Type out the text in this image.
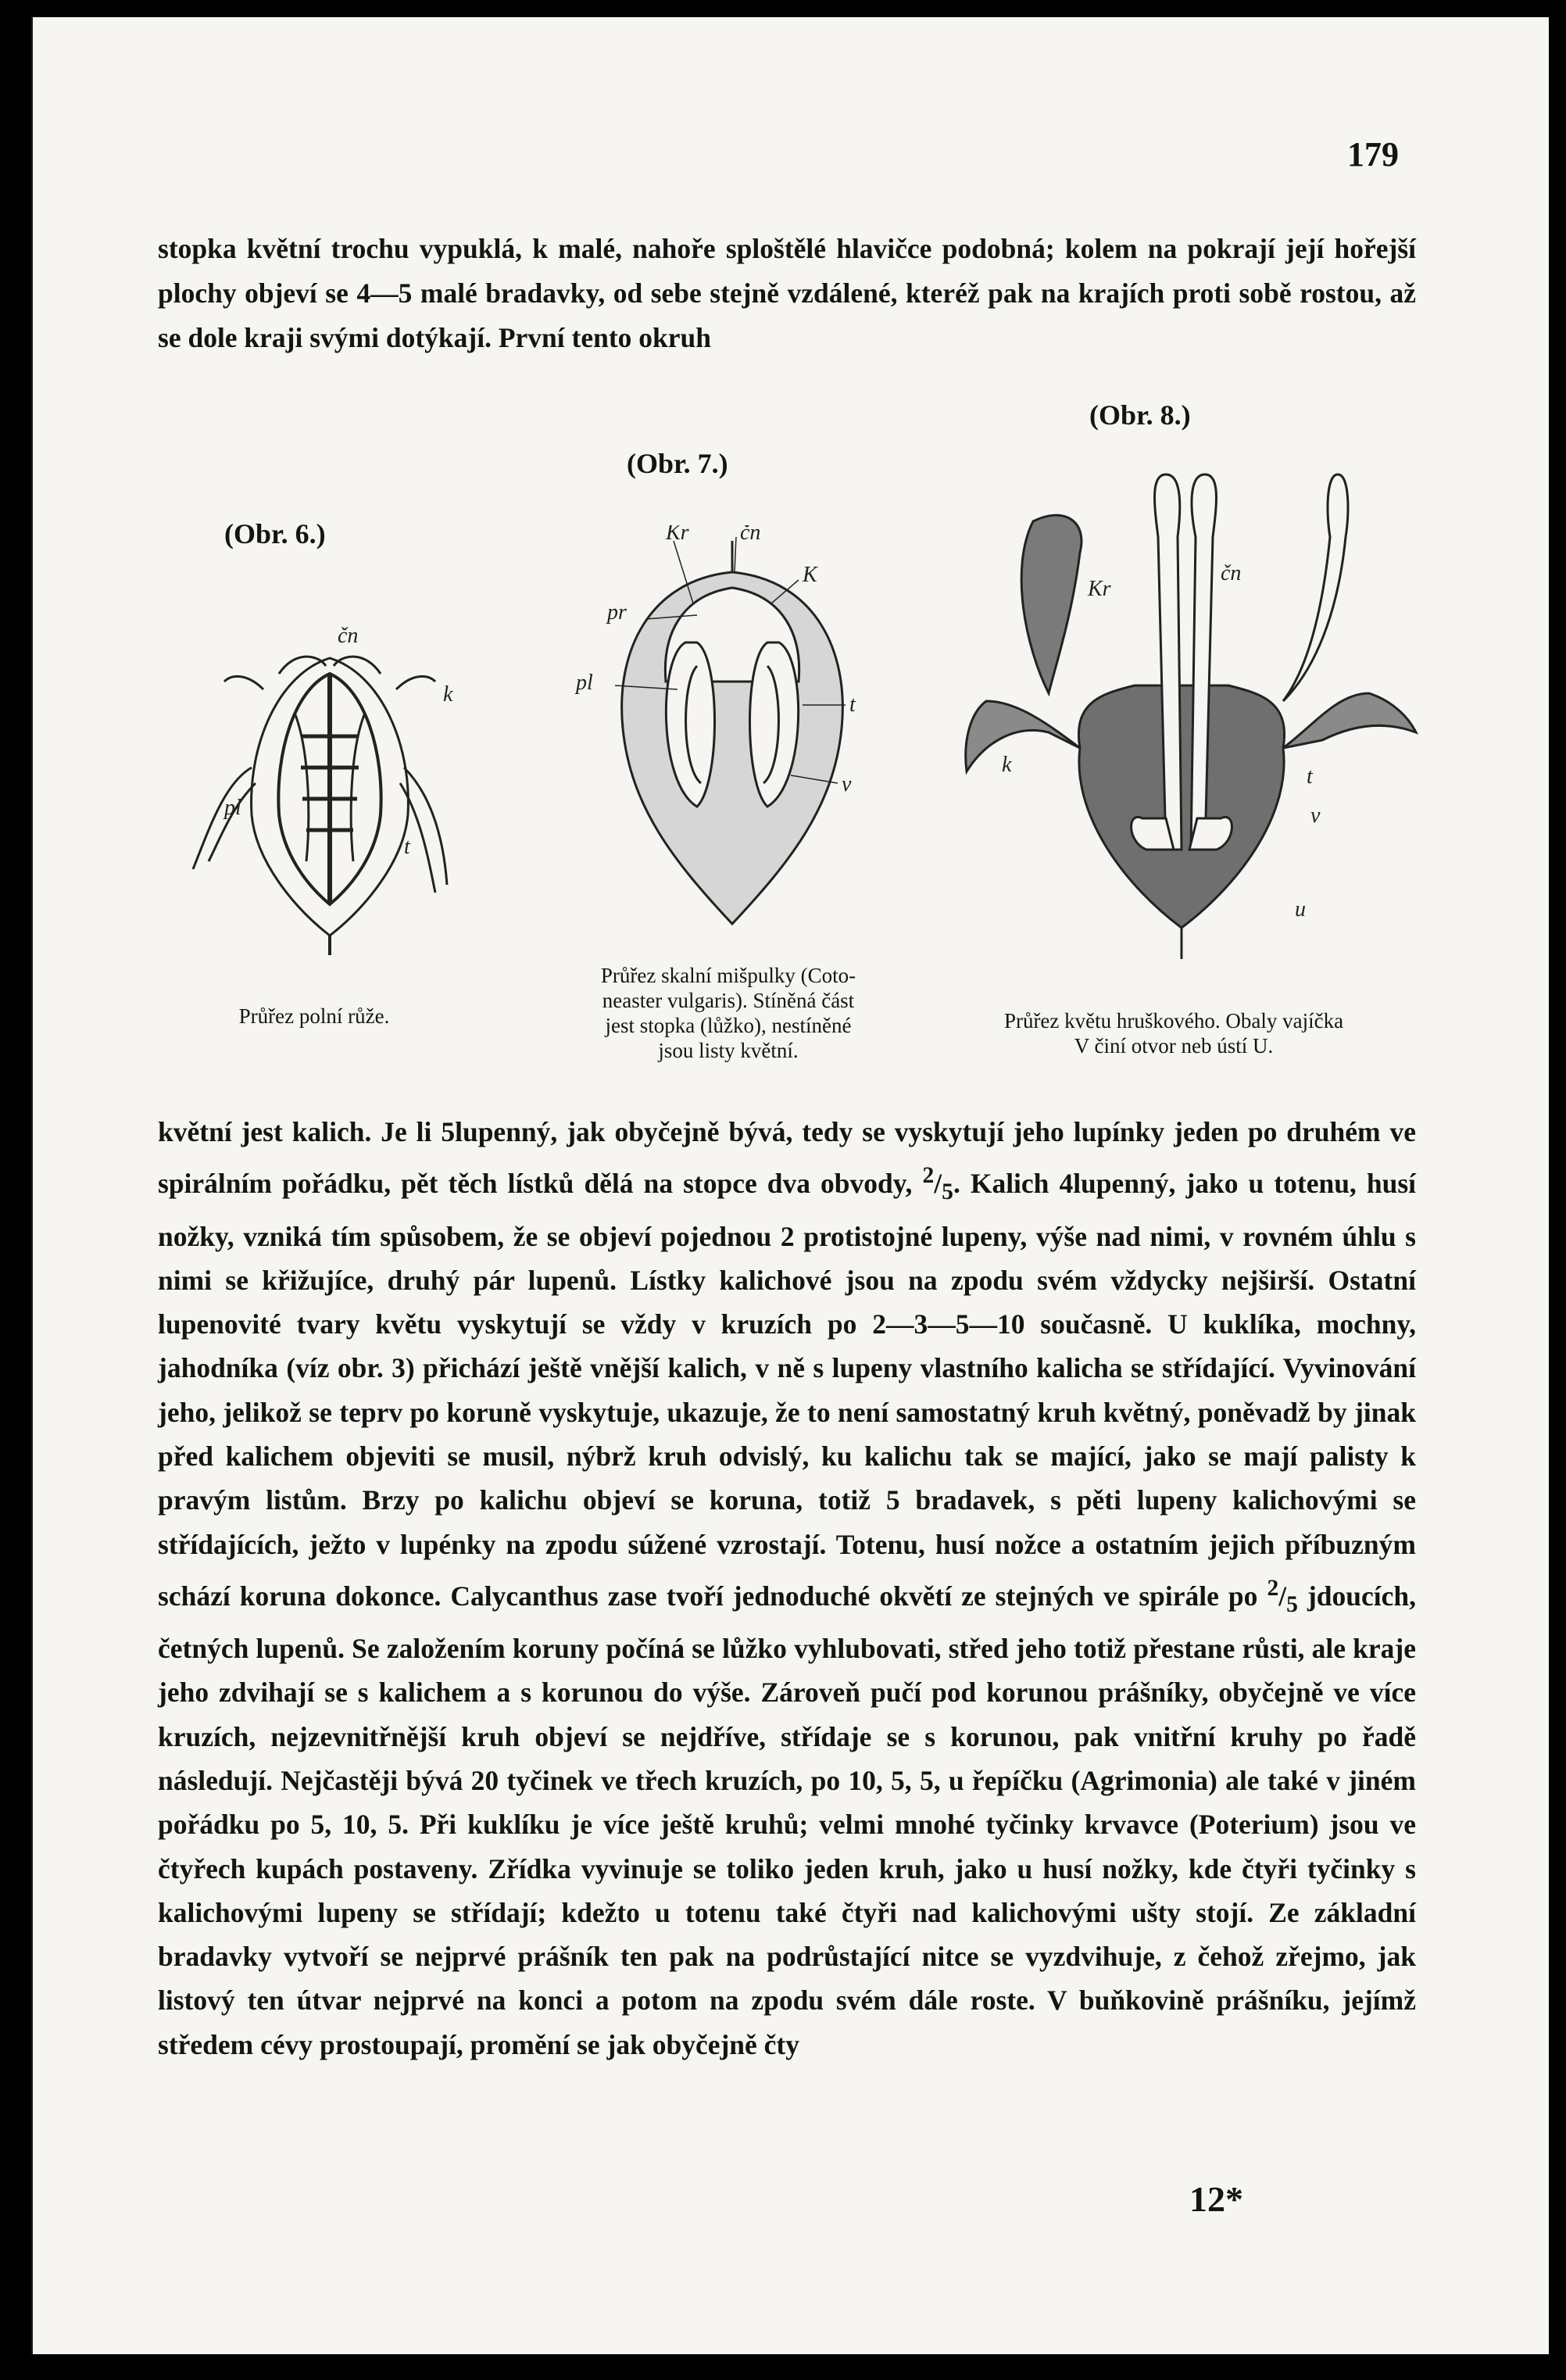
179

stopka květní trochu vypuklá, k malé, nahoře sploštělé hlavičce podobná; kolem na pokrají její hořejší plochy objeví se 4—5 malé bradavky, od sebe stejně vzdálené, kteréž pak na krajích proti sobě rostou, až se dole kraji svými dotýkají. První tento okruh

(Obr. 6.)
čn
k
pl
t
Průřez polní růže.
(Obr. 7.)
Kr čn
K
pr
pl
t
v
Průřez skalní mišpulky (Coto-
neaster vulgaris). Stíněná část
jest stopka (lůžko), nestíněné
jsou listy květní.
(Obr. 8.)
Kr
čn
k	t
v
u
Průřez květu hruškového. Obaly vajíčka
V činí otvor neb ústí U.

květní jest kalich. Je li 5lupenný, jak obyčejně bývá, tedy se vyskytují jeho lupínky jeden po druhém ve spirálním pořádku, pět těch lístků dělá na stopce dva obvody, $^2/_5$. Kalich 4lupenný, jako u totenu, husí nožky, vzniká tím spůsobem, že se objeví pojednou 2 protistojné lupeny, výše nad nimi, v rovném úhlu s nimi se křižujíce, druhý pár lupenů. Lístky kalichové jsou na zpodu svém vždycky nejširší. Ostatní lupenovité tvary květu vyskytují se vždy v kruzích po 2—3—5—10 současně. U kuklíka, mochny, jahodníka (víz obr. 3) přichází ještě vnější kalich, v ně s lupeny vlastního kalicha se střídající. Vyvinování jeho, jelikož se teprv po koruně vyskytuje, ukazuje, že to není samostatný kruh květný, poněvadž by jinak před kalichem objeviti se musil, nýbrž kruh odvislý, ku kalichu tak se mající, jako se mají palisty k pravým listům. Brzy po kalichu objeví se koruna, totiž 5 bradavek, s pěti lupeny kalichovými se střídajících, ježto v lupénky na zpodu súžené vzrostají. Totenu, husí nožce a ostatním jejich příbuzným schází koruna dokonce. Calycanthus zase tvoří jednoduché okvětí ze stejných ve spirále po $^2/_5$ jdoucích, četných lupenů. Se založením koruny počíná se lůžko vyhlubovati, střed jeho totiž přestane růsti, ale kraje jeho zdvihají se s kalichem a s korunou do výše. Zároveň pučí pod korunou prášníky, obyčejně ve více kruzích, nejzevnitřnější kruh objeví se nejdříve, střídaje se s korunou, pak vnitřní kruhy po řadě následují. Nejčastěji bývá 20 tyčinek ve třech kruzích, po 10, 5, 5, u řepíčku (Agrimonia) ale také v jiném pořádku po 5, 10, 5. Při kuklíku je více ještě kruhů; velmi mnohé tyčinky krvavce (Poterium) jsou ve čtyřech kupách postaveny. Zřídka vyvinuje se toliko jeden kruh, jako u husí nožky, kde čtyři tyčinky s kalichovými lupeny se střídají; kdežto u totenu také čtyři nad kalichovými ušty stojí. Ze základní bradavky vytvoří se nejprvé prášník ten pak na podrůstající nitce se vyzdvihuje, z čehož zřejmo, jak listový ten útvar nejprvé na konci a potom na zpodu svém dále roste. V buňkovině prášníku, jejímž středem cévy prostoupají, promění se jak obyčejně čty

12*
